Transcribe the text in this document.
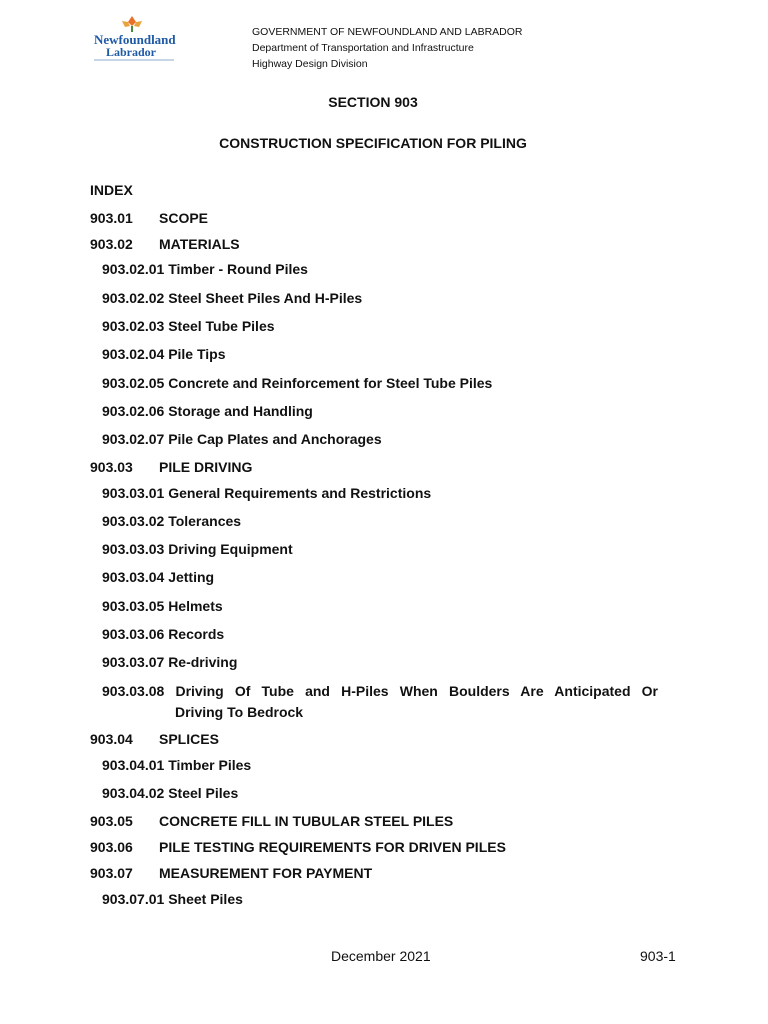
Newfoundland
Labrador
GOVERNMENT OF NEWFOUNDLAND AND LABRADOR
Department of Transportation and Infrastructure
Highway Design Division
SECTION 903
CONSTRUCTION SPECIFICATION FOR PILING
INDEX
903.01 SCOPE
903.02 MATERIALS
903.02.01 Timber - Round Piles
903.02.02 Steel Sheet Piles And H-Piles
903.02.03 Steel Tube Piles
903.02.04 Pile Tips
903.02.05 Concrete and Reinforcement for Steel Tube Piles
903.02.06 Storage and Handling
903.02.07 Pile Cap Plates and Anchorages
903.03 PILE DRIVING
903.03.01 General Requirements and Restrictions
903.03.02 Tolerances
903.03.03 Driving Equipment
903.03.04 Jetting
903.03.05 Helmets
903.03.06 Records
903.03.07 Re-driving
903.03.08 Driving Of Tube and H-Piles When Boulders Are Anticipated Or
Driving To Bedrock
903.04 SPLICES
903.04.01 Timber Piles
903.04.02 Steel Piles
903.05 CONCRETE FILL IN TUBULAR STEEL PILES
903.06 PILE TESTING REQUIREMENTS FOR DRIVEN PILES
903.07 MEASUREMENT FOR PAYMENT
903.07.01 Sheet Piles
December 2021	903-1
